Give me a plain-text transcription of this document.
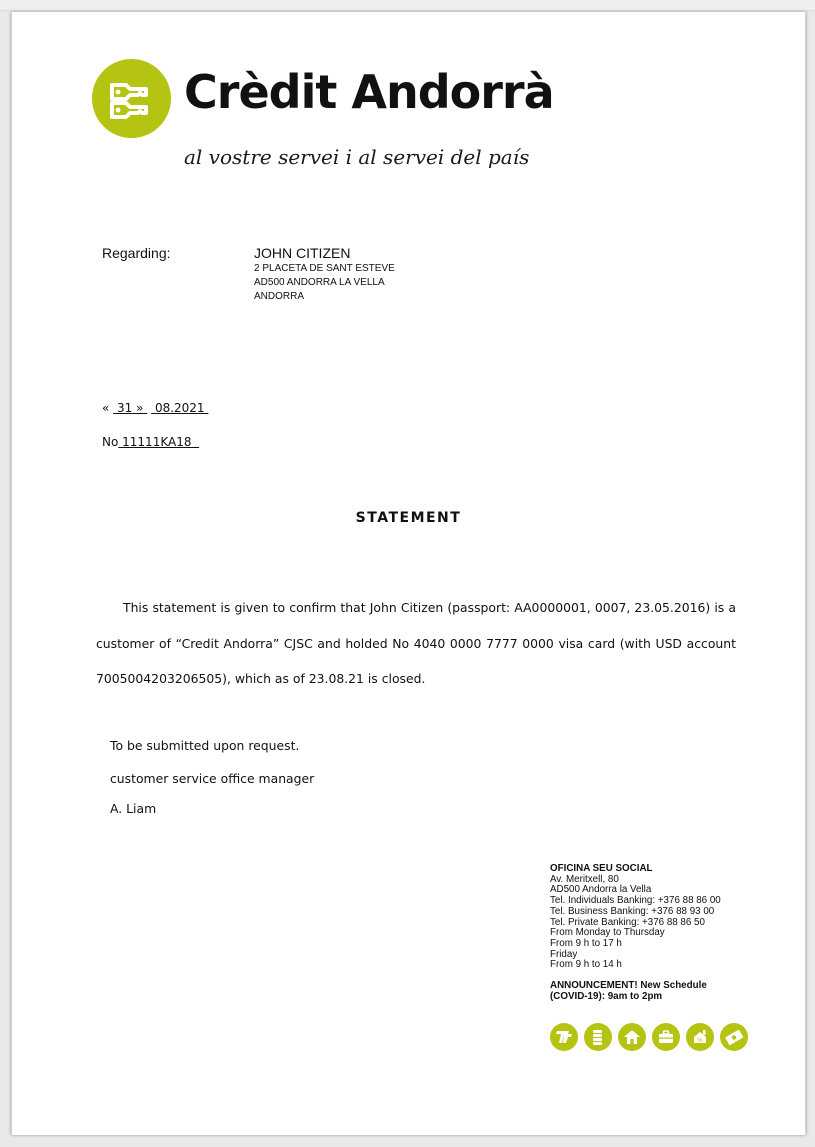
Crèdit Andorrà
al vostre servei i al servei del país
Regarding:	JOHN CITIZEN
2 PLACETA DE SANT ESTEVE
AD500 ANDORRA LA VELLA
ANDORRA
« 31 » 08.2021
No 11111KA18
STATEMENT
This statement is given to confirm that John Citizen (passport: AA0000001, 0007, 23.05.2016) is a customer of “Credit Andorra” CJSC and holded No 4040 0000 7777 0000 visa card (with USD account 7005004203206505), which as of 23.08.21 is closed.
To be submitted upon request.
customer service office manager
A. Liam
OFICINA SEU SOCIAL
Av. Meritxell, 80
AD500 Andorra la Vella
Tel. Individuals Banking: +376 88 86 00
Tel. Business Banking: +376 88 93 00
Tel. Private Banking: +376 88 86 50
From Monday to Thursday
From 9 h to 17 h
Friday
From 9 h to 14 h
ANNOUNCEMENT! New Schedule
(COVID-19): 9am to 2pm
%
